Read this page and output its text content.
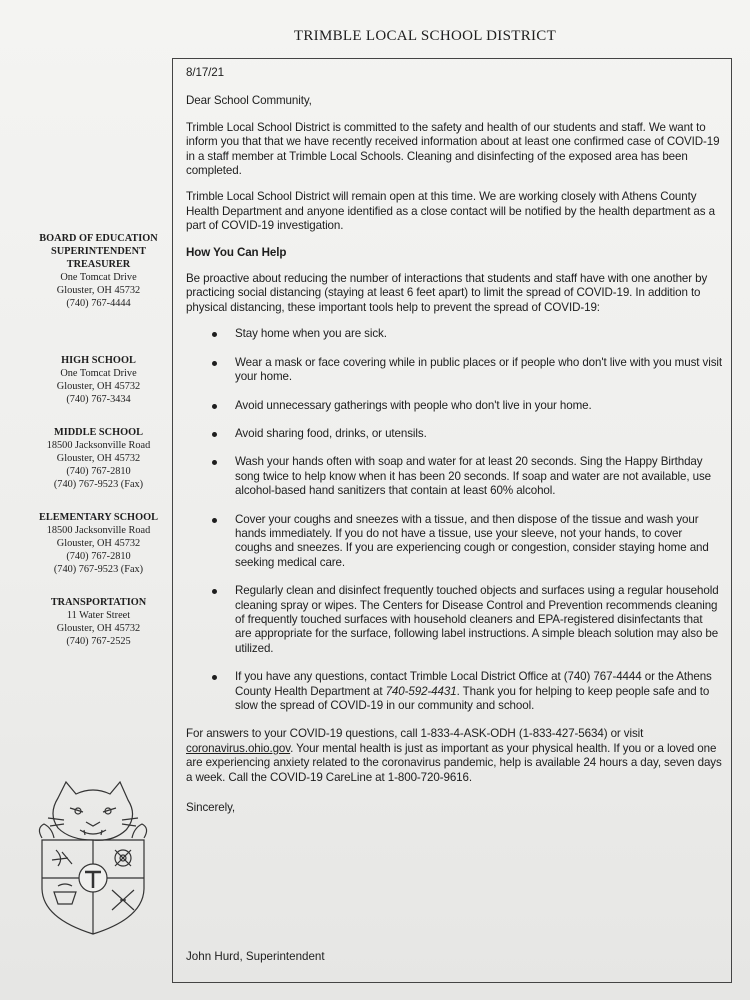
TRIMBLE LOCAL SCHOOL DISTRICT
BOARD OF EDUCATION
SUPERINTENDENT
TREASURER
One Tomcat Drive
Glouster, OH 45732
(740) 767-4444
HIGH SCHOOL
One Tomcat Drive
Glouster, OH 45732
(740) 767-3434
MIDDLE SCHOOL
18500 Jacksonville Road
Glouster, OH 45732
(740) 767-2810
(740) 767-9523 (Fax)
ELEMENTARY SCHOOL
18500 Jacksonville Road
Glouster, OH 45732
(740) 767-2810
(740) 767-9523 (Fax)
TRANSPORTATION
11 Water Street
Glouster, OH 45732
(740) 767-2525

8/17/21

Dear School Community,

Trimble Local School District is committed to the safety and health of our students and staff. We want to inform you that that we have recently received information about at least one confirmed case of COVID-19 in a staff member at Trimble Local Schools. Cleaning and disinfecting of the exposed area has been completed.

Trimble Local School District will remain open at this time. We are working closely with Athens County Health Department and anyone identified as a close contact will be notified by the health department as a part of COVID-19 investigation.

How You Can Help

Be proactive about reducing the number of interactions that students and staff have with one another by practicing social distancing (staying at least 6 feet apart) to limit the spread of COVID-19. In addition to physical distancing, these important tools help to prevent the spread of COVID-19:

Stay home when you are sick.
Wear a mask or face covering while in public places or if people who don't live with you must visit your home.
Avoid unnecessary gatherings with people who don't live in your home.
Avoid sharing food, drinks, or utensils.
Wash your hands often with soap and water for at least 20 seconds. Sing the Happy Birthday song twice to help know when it has been 20 seconds. If soap and water are not available, use alcohol-based hand sanitizers that contain at least 60% alcohol.
Cover your coughs and sneezes with a tissue, and then dispose of the tissue and wash your hands immediately. If you do not have a tissue, use your sleeve, not your hands, to cover coughs and sneezes. If you are experiencing cough or congestion, consider staying home and seeking medical care.
Regularly clean and disinfect frequently touched objects and surfaces using a regular household cleaning spray or wipes. The Centers for Disease Control and Prevention recommends cleaning of frequently touched surfaces with household cleaners and EPA-registered disinfectants that are appropriate for the surface, following label instructions. A simple bleach solution may also be utilized.
If you have any questions, contact Trimble Local District Office at (740) 767-4444 or the Athens County Health Department at 740-592-4431. Thank you for helping to keep people safe and to slow the spread of COVID-19 in our community and school.

For answers to your COVID-19 questions, call 1-833-4-ASK-ODH (1-833-427-5634) or visit coronavirus.ohio.gov. Your mental health is just as important as your physical health. If you or a loved one are experiencing anxiety related to the coronavirus pandemic, help is available 24 hours a day, seven days a week. Call the COVID-19 CareLine at 1-800-720-9616.

Sincerely,

John Hurd, Superintendent
